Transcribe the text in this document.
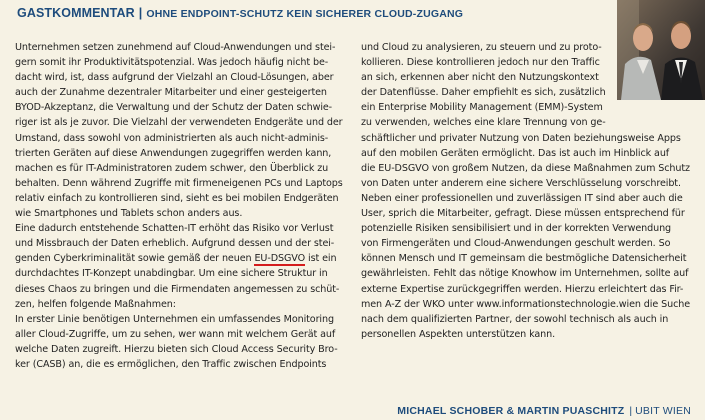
GASTKOMMENTAR | OHNE ENDPOINT-SCHUTZ KEIN SICHERER CLOUD-ZUGANG
Unternehmen setzen zunehmend auf Cloud-Anwendungen und stei-
gern somit ihr Produktivitätspotenzial. Was jedoch häufig nicht be-
dacht wird, ist, dass aufgrund der Vielzahl an Cloud-Lösungen, aber
auch der Zunahme dezentraler Mitarbeiter und einer gesteigerten
BYOD-Akzeptanz, die Verwaltung und der Schutz der Daten schwie-
riger ist als je zuvor. Die Vielzahl der verwendeten Endgeräte und der
Umstand, dass sowohl von administrierten als auch nicht-adminis-
trierten Geräten auf diese Anwendungen zugegriffen werden kann,
machen es für IT-Administratoren zudem schwer, den Überblick zu
behalten. Denn während Zugriffe mit firmeneigenen PCs und Laptops
relativ einfach zu kontrollieren sind, sieht es bei mobilen Endgeräten
wie Smartphones und Tablets schon anders aus.
Eine dadurch entstehende Schatten-IT erhöht das Risiko vor Verlust
und Missbrauch der Daten erheblich. Aufgrund dessen und der stei-
genden Cyberkriminalität sowie gemäß der neuen EU-DSGVO ist ein
durchdachtes IT-Konzept unabdingbar. Um eine sichere Struktur in
dieses Chaos zu bringen und die Firmendaten angemessen zu schüt-
zen, helfen folgende Maßnahmen:
In erster Linie benötigen Unternehmen ein umfassendes Monitoring
aller Cloud-Zugriffe, um zu sehen, wer wann mit welchem Gerät auf
welche Daten zugreift. Hierzu bieten sich Cloud Access Security Bro-
ker (CASB) an, die es ermöglichen, den Traffic zwischen Endpoints
und Cloud zu analysieren, zu steuern und zu proto-
kollieren. Diese kontrollieren jedoch nur den Traffic
an sich, erkennen aber nicht den Nutzungskontext
der Datenflüsse. Daher empfiehlt es sich, zusätzlich
ein Enterprise Mobility Management (EMM)-System
zu verwenden, welches eine klare Trennung von ge-
schäftlicher und privater Nutzung von Daten beziehungsweise Apps
auf den mobilen Geräten ermöglicht. Das ist auch im Hinblick auf
die EU-DSGVO von großem Nutzen, da diese Maßnahmen zum Schutz
von Daten unter anderem eine sichere Verschlüsselung vorschreibt.
Neben einer professionellen und zuverlässigen IT sind aber auch die
User, sprich die Mitarbeiter, gefragt. Diese müssen entsprechend für
potenzielle Risiken sensibilisiert und in der korrekten Verwendung
von Firmengeräten und Cloud-Anwendungen geschult werden. So
können Mensch und IT gemeinsam die bestmögliche Datensicherheit
gewährleisten. Fehlt das nötige Knowhow im Unternehmen, sollte auf
externe Expertise zurückgegriffen werden. Hierzu erleichtert das Fir-
men A-Z der WKO unter www.informationstechnologie.wien die Suche
nach dem qualifizierten Partner, der sowohl technisch als auch in
personellen Aspekten unterstützen kann.
MICHAEL SCHOBER & MARTIN PUASCHITZ | UBIT WIEN
